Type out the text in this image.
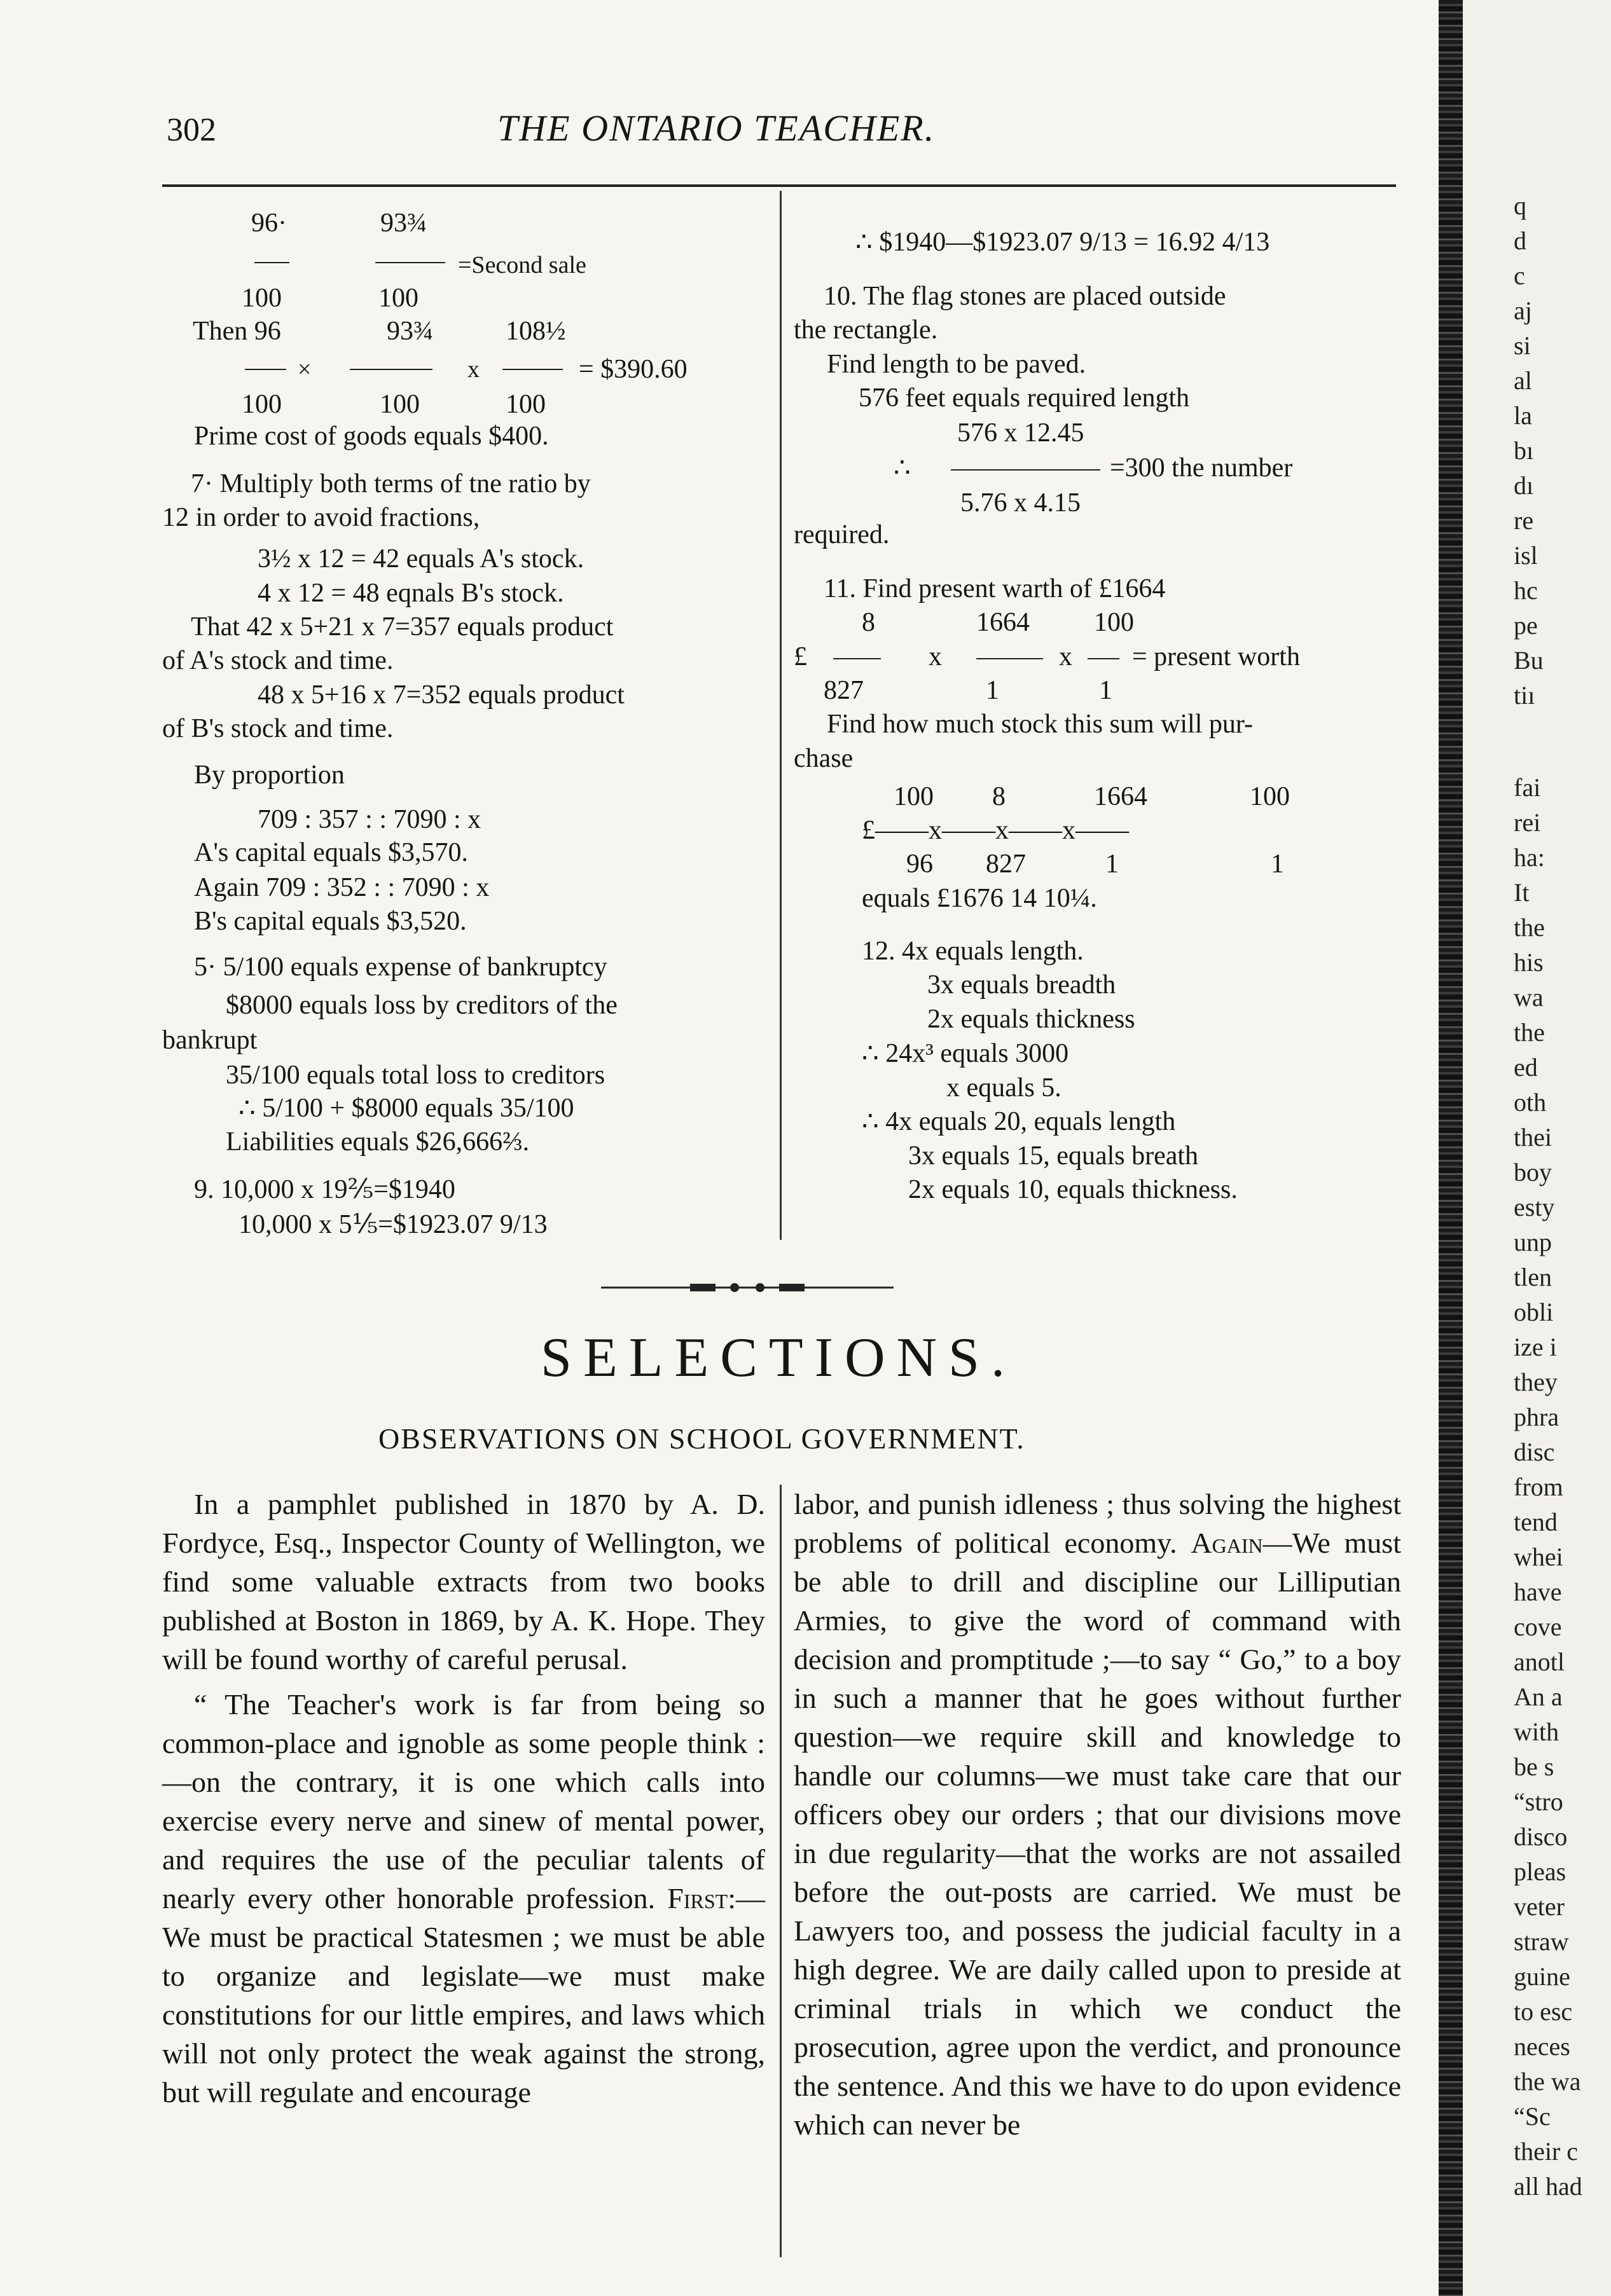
302	THE ONTARIO TEACHER.
96·	93¾
=Second sale
100	100
Then 96	93¾	108½
×	x	= $390.60
100	100	100
Prime cost of goods equals $400.
7· Multiply both terms of tne ratio by
12 in order to avoid fractions,
3½ x 12 = 42 equals A's stock.
4 x 12 = 48 eqnals B's stock.
That 42 x 5+21 x 7=357 equals product
of A's stock and time.
48 x 5+16 x 7=352 equals product
of B's stock and time.
By proportion
709 : 357 : : 7090 : x
A's capital equals $3,570.
Again 709 : 352 : : 7090 : x
B's capital equals $3,520.
5· 5/100 equals expense of bankruptcy
$8000 equals loss by creditors of the
bankrupt
35/100 equals total loss to creditors
∴ 5/100 + $8000 equals 35/100
Liabilities equals $26,666⅔.
9. 10,000 x 19⅖=$1940
10,000 x 5⅕=$1923.07 9/13
∴ $1940—$1923.07 9/13 = 16.92 4/13
10. The flag stones are placed outside
the rectangle.
Find length to be paved.
576 feet equals required length
576 x 12.45
∴	=300 the number
5.76 x 4.15
required.
11. Find present warth of £1664
8	1664 100
£	x	x = present worth
827	1	1
Find how much stock this sum will pur-
chase
100 8	1664	100
£——x——x——x——
96 827	1	1
equals £1676 14 10¼.
12. 4x equals length.
3x equals breadth
2x equals thickness
∴ 24x³ equals 3000
x equals 5.
∴ 4x equals 20, equals length
3x equals 15, equals breath
2x equals 10, equals thickness.
SELECTIONS.
OBSERVATIONS ON SCHOOL GOVERNMENT.

In a pamphlet published in 1870 by A. D. Fordyce, Esq., Inspector County of Wellington, we find some valuable extracts from two books published at Boston in 1869, by A. K. Hope. They will be found worthy of careful perusal.

“ The Teacher's work is far from being so common-place and ignoble as some people think :—on the contrary, it is one which calls into exercise every nerve and sinew of mental power, and requires the use of the peculiar talents of nearly every other honorable profession. First:—We must be practical Statesmen ; we must be able to organize and legislate—we must make constitutions for our little empires, and laws which will not only protect the weak against the strong, but will regulate and encourage

labor, and punish idleness ; thus solving the highest problems of political economy. Again—We must be able to drill and discipline our Lilliputian Armies, to give the word of command with decision and promptitude ;—to say “ Go,” to a boy in such a manner that he goes without further question—we require skill and knowledge to handle our columns—we must take care that our officers obey our orders ; that our divisions move in due regularity—that the works are not assailed before the out-posts are carried. We must be Lawyers too, and possess the judicial faculty in a high degree. We are daily called upon to preside at criminal trials in which we conduct the prosecution, agree upon the verdict, and pronounce the sentence. And this we have to do upon evidence which can never be

q
d
c
aj
si
al
la
bı
dı
re
isl
hc
pe
Bu
tiı
fai
rei
ha:
It
the
his
wa
the
ed
oth
thei
boy
esty
unp
tlen
obli
ize i
they
phra
disc
from
tend
whei
have
cove
anotl
An a
with
be s
“stro
disco
pleas
veter
straw
guine
to esc
neces
the wa
“Sc
their c
all had
